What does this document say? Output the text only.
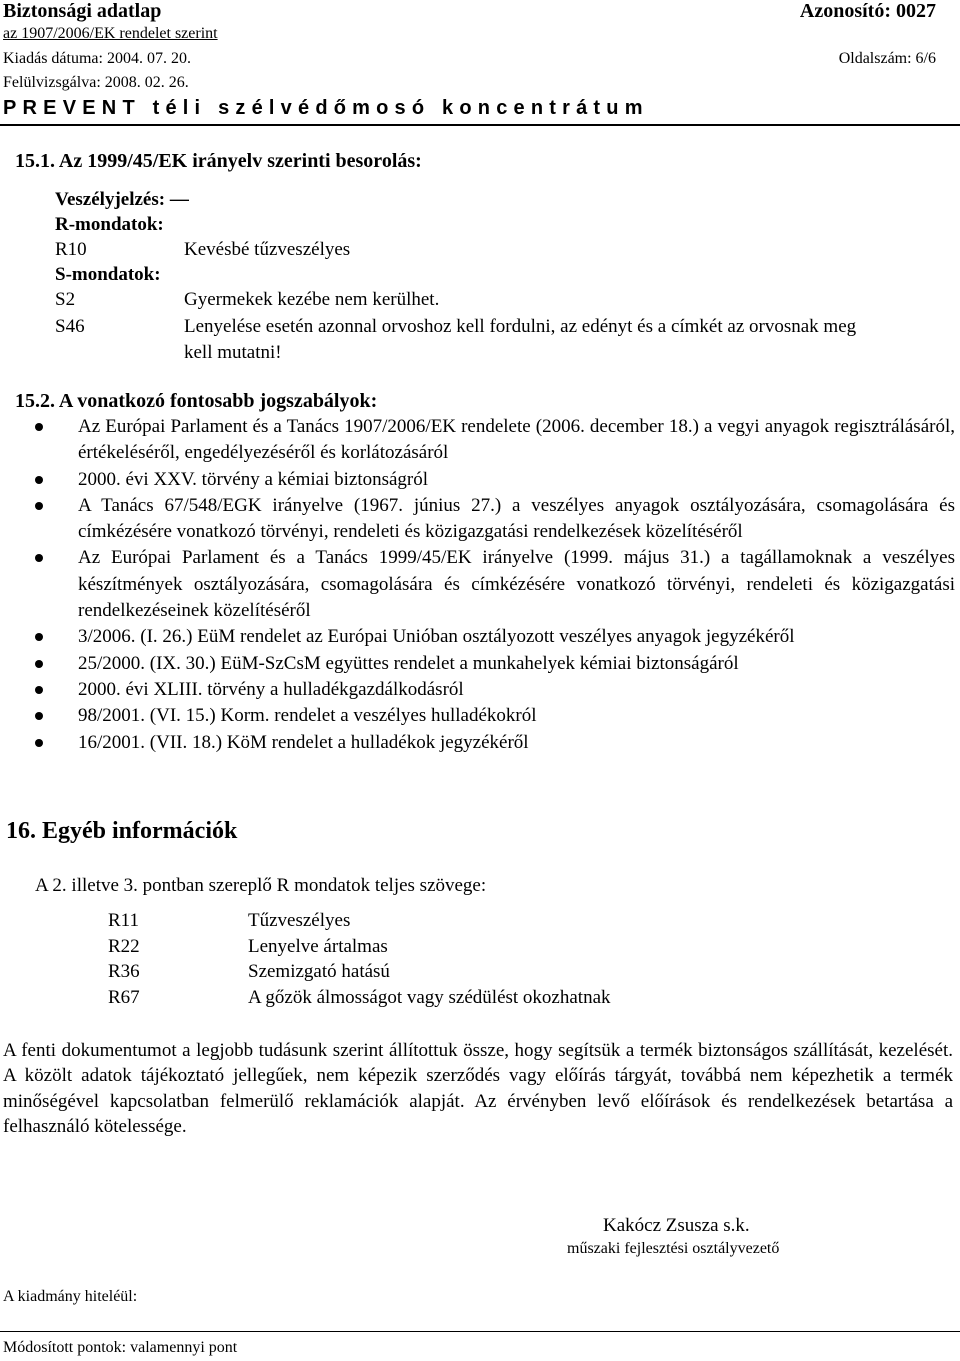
Biztonsági adatlap
az 1907/2006/EK rendelet szerint
Azonosító: 0027
Kiadás dátuma: 2004. 07. 20.	Oldalszám: 6/6
Felülvizsgálva: 2008. 02. 26.
PREVENT téli szélvédőmosó koncentrátum
15.1. Az 1999/45/EK irányelv szerinti besorolás:
Veszélyjelzés: —
R-mondatok:
R10	Kevésbé tűzveszélyes
S-mondatok:
S2	Gyermekek kezébe nem kerülhet.
S46	Lenyelése esetén azonnal orvoshoz kell fordulni, az edényt és a címkét az orvosnak meg
kell mutatni!
15.2. A vonatkozó fontosabb jogszabályok:
Az Európai Parlament és a Tanács 1907/2006/EK rendelete (2006. december 18.) a vegyi anyagok regisztrálásáról, értékeléséről, engedélyezéséről és korlátozásáról
2000. évi XXV. törvény a kémiai biztonságról
A Tanács 67/548/EGK irányelve (1967. június 27.) a veszélyes anyagok osztályozására, csomagolására és címkézésére vonatkozó törvényi, rendeleti és közigazgatási rendelkezések közelítéséről
Az Európai Parlament és a Tanács 1999/45/EK irányelve (1999. május 31.) a tagállamoknak a veszélyes készítmények osztályozására, csomagolására és címkézésére vonatkozó törvényi, rendeleti és közigazgatási rendelkezéseinek közelítéséről
3/2006. (I. 26.) EüM rendelet az Európai Unióban osztályozott veszélyes anyagok jegyzékéről
25/2000. (IX. 30.) EüM-SzCsM együttes rendelet a munkahelyek kémiai biztonságáról
2000. évi XLIII. törvény a hulladékgazdálkodásról
98/2001. (VI. 15.) Korm. rendelet a veszélyes hulladékokról
16/2001. (VII. 18.) KöM rendelet a hulladékok jegyzékéről
16. Egyéb információk
A 2. illetve 3. pontban szereplő R mondatok teljes szövege:
R11	Tűzveszélyes
R22	Lenyelve ártalmas
R36	Szemizgató hatású
R67	A gőzök álmosságot vagy szédülést okozhatnak
A fenti dokumentumot a legjobb tudásunk szerint állítottuk össze, hogy segítsük a termék biztonságos szállítását, kezelését. A közölt adatok tájékoztató jellegűek, nem képezik szerződés vagy előírás tárgyát, továbbá nem képezhetik a termék minőségével kapcsolatban felmerülő reklamációk alapját. Az érvényben levő előírások és rendelkezések betartása a felhasználó kötelessége.
Kakócz Zsusza s.k.
műszaki fejlesztési osztályvezető
A kiadmány hiteléül:
Módosított pontok: valamennyi pont
